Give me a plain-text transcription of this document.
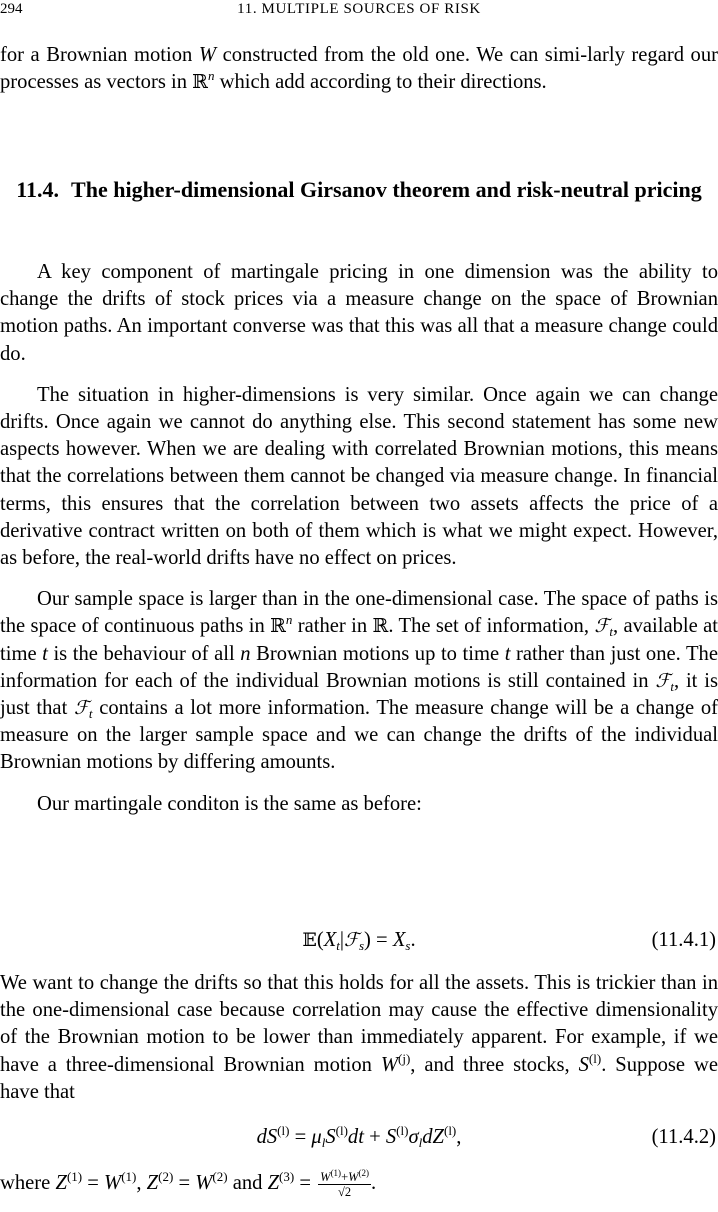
294	11. MULTIPLE SOURCES OF RISK

for a Brownian motion W constructed from the old one. We can simi-larly regard our processes as vectors in ℝ$^n$ which add according to their directions.

11.4. The higher-dimensional Girsanov theorem and risk-neutral pricing

A key component of martingale pricing in one dimension was the ability to change the drifts of stock prices via a measure change on the space of Brownian motion paths. An important converse was that this was all that a measure change could do.

The situation in higher-dimensions is very similar. Once again we can change drifts. Once again we cannot do anything else. This second statement has some new aspects however. When we are dealing with correlated Brownian motions, this means that the correlations between them cannot be changed via measure change. In financial terms, this ensures that the correlation between two assets affects the price of a derivative contract written on both of them which is what we might expect. However, as before, the real-world drifts have no effect on prices.

Our sample space is larger than in the one-dimensional case. The space of paths is the space of continuous paths in ℝ$^n$ rather in ℝ. The set of information, ℱ$_t$, available at time t is the behaviour of all n Brownian motions up to time t rather than just one. The information for each of the individual Brownian motions is still contained in ℱ$_t$, it is just that ℱ$_t$ contains a lot more information. The measure change will be a change of measure on the larger sample space and we can change the drifts of the individual Brownian motions by differing amounts.

Our martingale conditon is the same as before:

$𝔼(X_t|ℱ_s) = X_s$.	(11.4.1)

We want to change the drifts so that this holds for all the assets. This is trickier than in the one-dimensional case because correlation may cause the effective dimensionality of the Brownian motion to be lower than immediately apparent. For example, if we have a three-dimensional Brownian motion $W^{(j)}$, and three stocks, $S^{(l)}$. Suppose we have that

$dS^{(l)} = \mu_lS^{(l)}dt + S^{(l)}\sigma_ldZ^{(l)}$,	(11.4.2)

where $Z^{(1)} = W^{(1)}$, $Z^{(2)} = W^{(2)}$ and $Z^{(3)} = \frac{W^{(1)}+W^{(2)}}{√2}$ .
